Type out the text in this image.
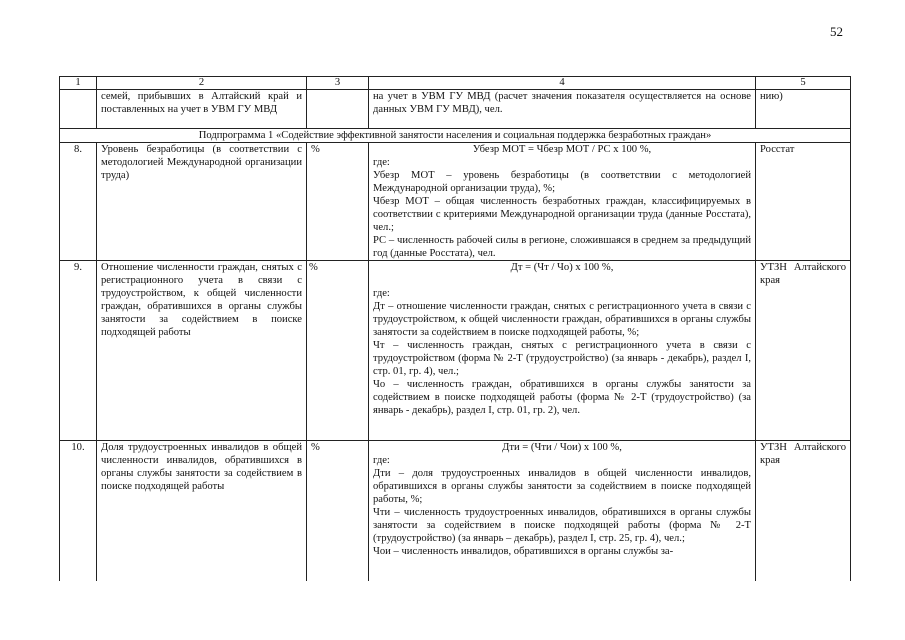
52
1	2	3	4	5
	семей, прибывших в Алтайский край и поставленных на учет в УВМ ГУ МВД		на учет в УВМ ГУ МВД (расчет значения показателя осуществляется на основе данных УВМ ГУ МВД), чел.	нию)
Подпрограмма 1 «Содействие эффективной занятости населения и социальная поддержка безработных граждан»				
8.	Уровень безработицы (в соответствии с методологией Международной организации труда)	%	Убезр МОТ = Чбезр МОТ / РС х 100 %,
где:
Убезр МОТ – уровень безработицы (в соответствии с методологией Международной организации труда), %;
Чбезр МОТ – общая численность безработных граждан, классифицируемых в соответствии с критериями Международной организации труда (данные Росстата), чел.;
РС – численность рабочей силы в регионе, сложившаяся в среднем за предыдущий год (данные Росстата), чел.	Росстат
9.	Отношение численности граждан, снятых с регистрационного учета в связи с трудоустройством, к общей численности граждан, обратившихся в органы службы занятости за содействием в поиске подходящей работы	%	Дт = (Чт / Чо) х 100 %,
где:
Дт – отношение численности граждан, снятых с регистрационного учета в связи с трудоустройством, к общей численности граждан, обратившихся в органы службы занятости за содействием в поиске подходящей работы, %;
Чт – численность граждан, снятых с регистрационного учета в связи с трудоустройством (форма № 2-Т (трудоустройство) (за январь - декабрь), раздел I, стр. 01, гр. 4), чел.;
Чо – численность граждан, обратившихся в органы службы занятости за содействием в поиске подходящей работы (форма № 2-Т (трудоустройство) (за январь - декабрь), раздел I, стр. 01, гр. 2), чел.	УТЗН Алтайского края
10.	Доля трудоустроенных инвалидов в общей численности инвалидов, обратившихся в органы службы занятости за содействием в поиске подходящей работы	%	Дти = (Чти / Чои) х 100 %,
где:
Дти – доля трудоустроенных инвалидов в общей численности инвалидов, обратившихся в органы службы занятости за содействием в поиске подходящей работы, %;
Чти – численность трудоустроенных инвалидов, обратившихся в органы службы занятости за содействием в поиске подходящей работы (форма № 2-Т (трудоустройство) (за январь – декабрь), раздел I, стр. 25, гр. 4), чел.;
Чои – численность инвалидов, обратившихся в органы службы за-	УТЗН Алтайского края
